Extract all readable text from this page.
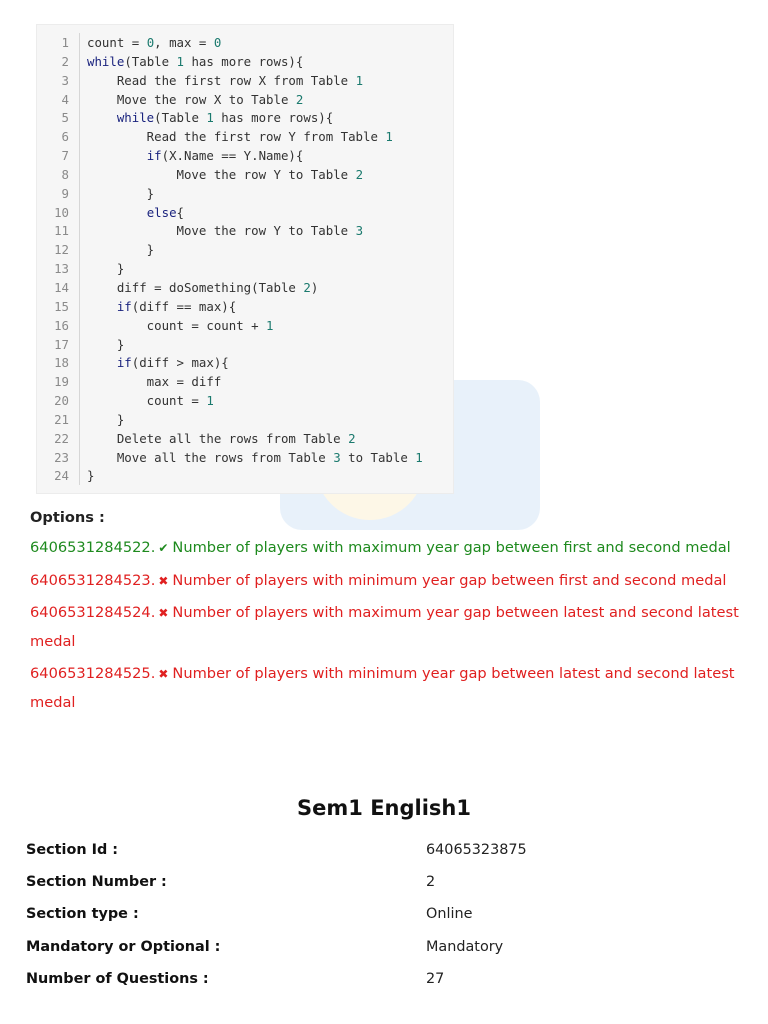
1 count = 0, max = 0
2 while(Table 1 has more rows){
3 Read the first row X from Table 1
4 Move the row X to Table 2
5	while(Table 1 has more rows){
6 Read the first row Y from Table 1
7	if(X.Name == Y.Name){
8 Move the row Y to Table 2
9 }
10	else{
11 Move the row Y to Table 3
12 }
13 }
14 diff = doSomething(Table 2)
15	if(diff == max){
16 count = count + 1
17 }
18	if(diff > max){
19 max = diff
20 count = 1
21 }
22 Delete all the rows from Table 2
23 Move all the rows from Table 3 to Table 1
24 }
Options :
6406531284522. ✔ Number of players with maximum year gap between first and second medal
6406531284523. ✖ Number of players with minimum year gap between first and second medal
6406531284524. ✖ Number of players with maximum year gap between latest and second latest medal
6406531284525. ✖ Number of players with minimum year gap between latest and second latest medal
Sem1 English1
Section Id :	64065323875
Section Number :	2
Section type :	Online
Mandatory or Optional :	Mandatory
Number of Questions :	27
